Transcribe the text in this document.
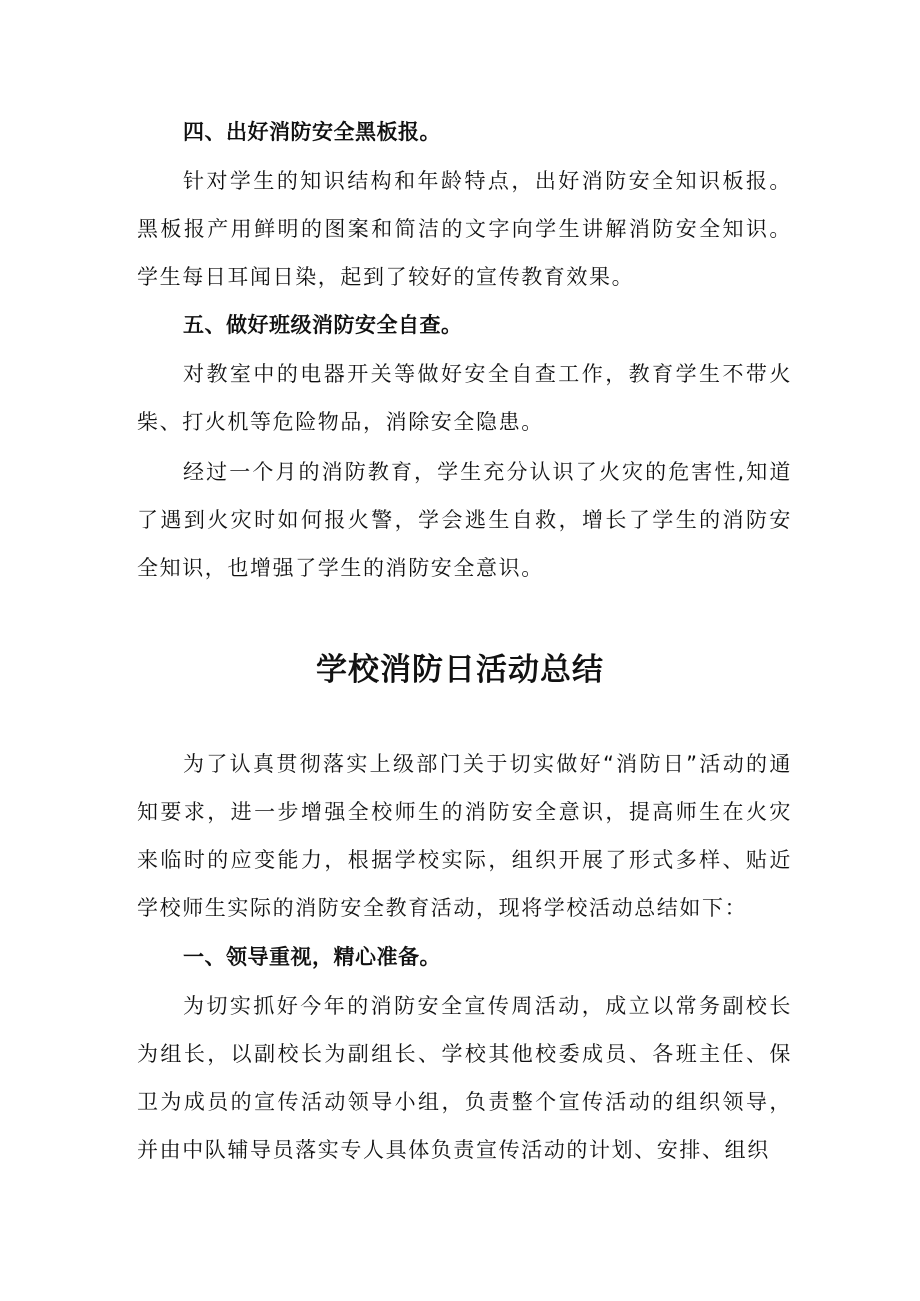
四、出好消防安全黑板报。

针对学生的知识结构和年龄特点，出好消防安全知识板报。黑板报产用鲜明的图案和简洁的文字向学生讲解消防安全知识。学生每日耳闻日染，起到了较好的宣传教育效果。

五、做好班级消防安全自查。

对教室中的电器开关等做好安全自查工作，教育学生不带火柴、打火机等危险物品，消除安全隐患。

经过一个月的消防教育，学生充分认识了火灾的危害性,知道了遇到火灾时如何报火警，学会逃生自救，增长了学生的消防安全知识，也增强了学生的消防安全意识。

学校消防日活动总结

为了认真贯彻落实上级部门关于切实做好“消防日”活动的通知要求，进一步增强全校师生的消防安全意识，提高师生在火灾来临时的应变能力，根据学校实际，组织开展了形式多样、贴近学校师生实际的消防安全教育活动，现将学校活动总结如下：

一、领导重视，精心准备。

为切实抓好今年的消防安全宣传周活动，成立以常务副校长为组长，以副校长为副组长、学校其他校委成员、各班主任、保卫为成员的宣传活动领导小组，负责整个宣传活动的组织领导，并由中队辅导员落实专人具体负责宣传活动的计划、安排、组织
